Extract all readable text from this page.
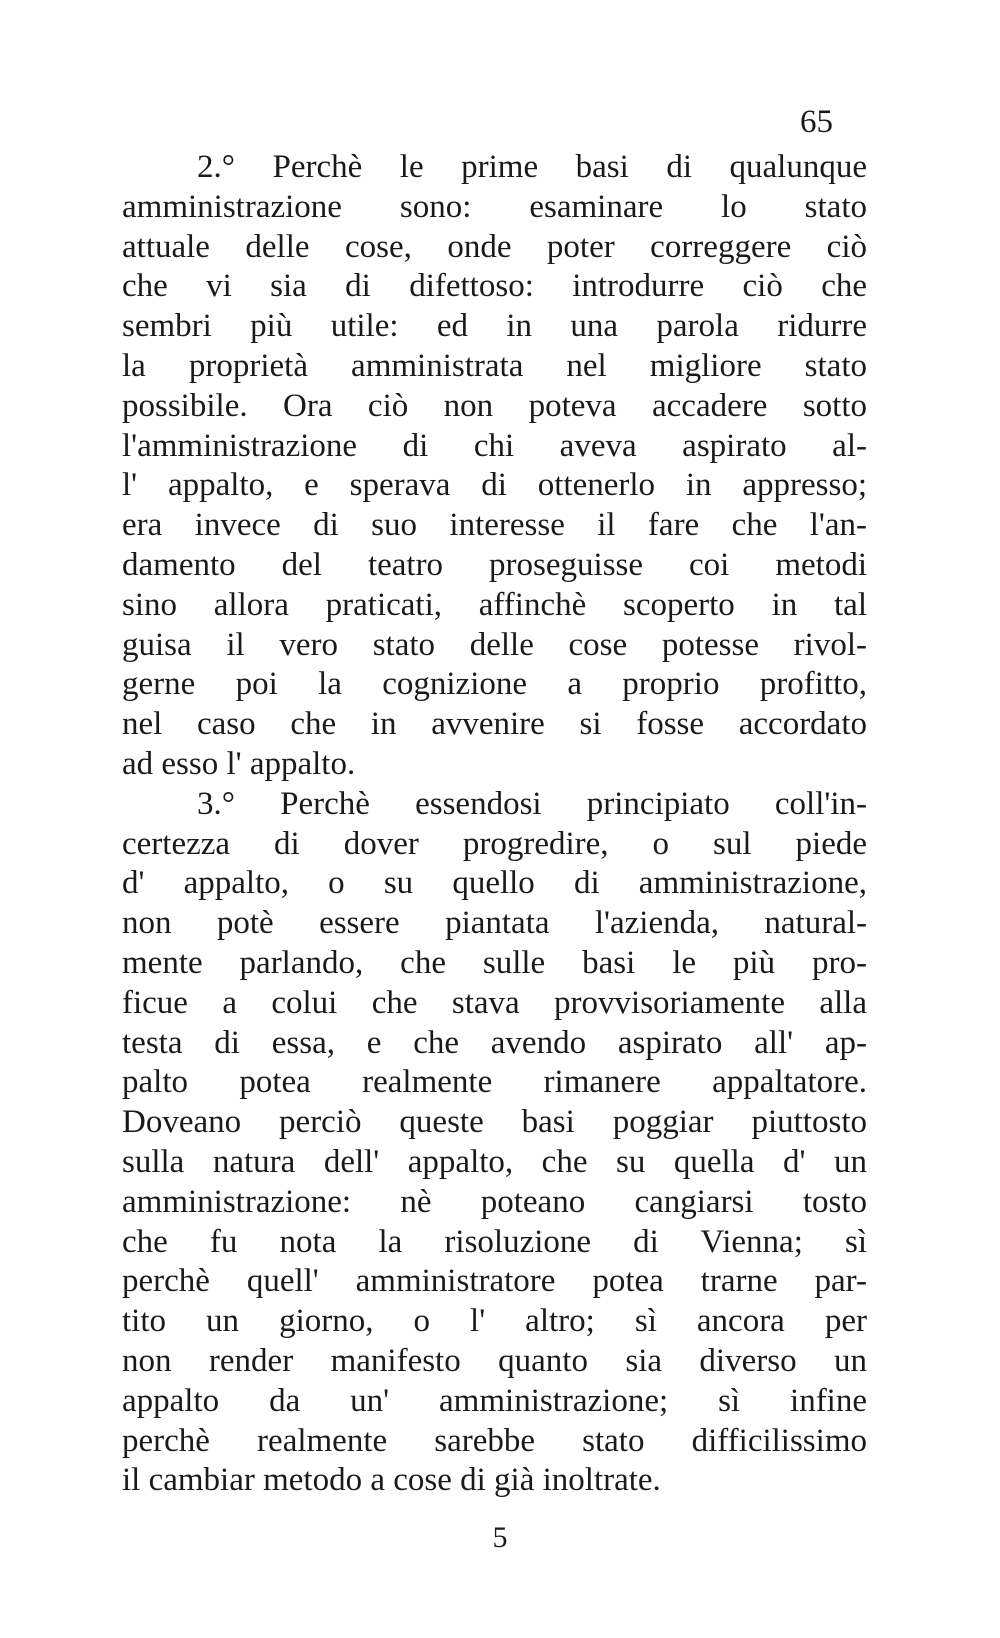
65
2.° Perchè le prime basi di qualunque
amministrazione sono: esaminare lo stato
attuale delle cose, onde poter correggere ciò
che vi sia di difettoso: introdurre ciò che
sembri più utile: ed in una parola ridurre
la proprietà amministrata nel migliore stato
possibile. Ora ciò non poteva accadere sotto
l'amministrazione di chi aveva aspirato al-
l' appalto, e sperava di ottenerlo in appresso;
era invece di suo interesse il fare che l'an-
damento del teatro proseguisse coi metodi
sino allora praticati, affinchè scoperto in tal
guisa il vero stato delle cose potesse rivol-
gerne poi la cognizione a proprio profitto,
nel caso che in avvenire si fosse accordato
ad esso l' appalto.
3.° Perchè essendosi principiato coll'in-
certezza di dover progredire, o sul piede
d' appalto, o su quello di amministrazione,
non potè essere piantata l'azienda, natural-
mente parlando, che sulle basi le più pro-
ficue a colui che stava provvisoriamente alla
testa di essa, e che avendo aspirato all' ap-
palto potea realmente rimanere appaltatore.
Doveano perciò queste basi poggiar piuttosto
sulla natura dell' appalto, che su quella d' un
amministrazione: nè poteano cangiarsi tosto
che fu nota la risoluzione di Vienna; sì
perchè quell' amministratore potea trarne par-
tito un giorno, o l' altro; sì ancora per
non render manifesto quanto sia diverso un
appalto da un' amministrazione; sì infine
perchè realmente sarebbe stato difficilissimo
il cambiar metodo a cose di già inoltrate.
5
